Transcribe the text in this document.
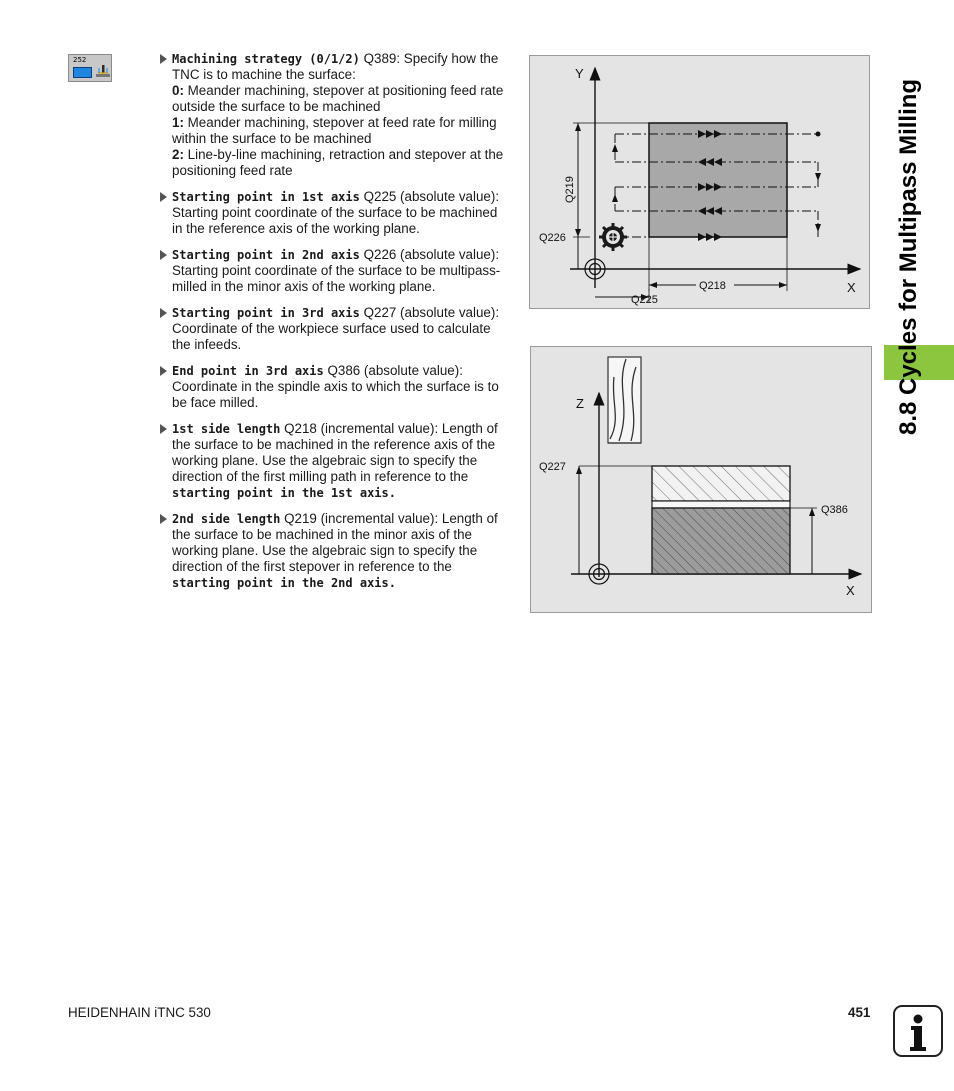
252	Machining strategy (0/1/2) Q389: Specify how the TNC is to machine the surface:
0: Meander machining, stepover at positioning feed rate outside the surface to be machined
1: Meander machining, stepover at feed rate for milling within the surface to be machined
2: Line-by-line machining, retraction and stepover at the positioning feed rate
Starting point in 1st axis Q225 (absolute value): Starting point coordinate of the surface to be machined in the reference axis of the working plane.
Starting point in 2nd axis Q226 (absolute value): Starting point coordinate of the surface to be multipass-milled in the minor axis of the working plane.
Starting point in 3rd axis Q227 (absolute value): Coordinate of the workpiece surface used to calculate the infeeds.
End point in 3rd axis Q386 (absolute value): Coordinate in the spindle axis to which the surface is to be face milled.
1st side length Q218 (incremental value): Length of the surface to be machined in the reference axis of the working plane. Use the algebraic sign to specify the direction of the first milling path in reference to the starting point in the 1st axis.
2nd side length Q219 (incremental value): Length of the surface to be machined in the minor axis of the working plane. Use the algebraic sign to specify the direction of the first stepover in reference to the
starting point in the 2nd axis.
Y
X
Q219
Q226
Q218
Q225
Z
X
Q227
Q386
8.8 Cycles for Multipass Milling
HEIDENHAIN iTNC 530	451
